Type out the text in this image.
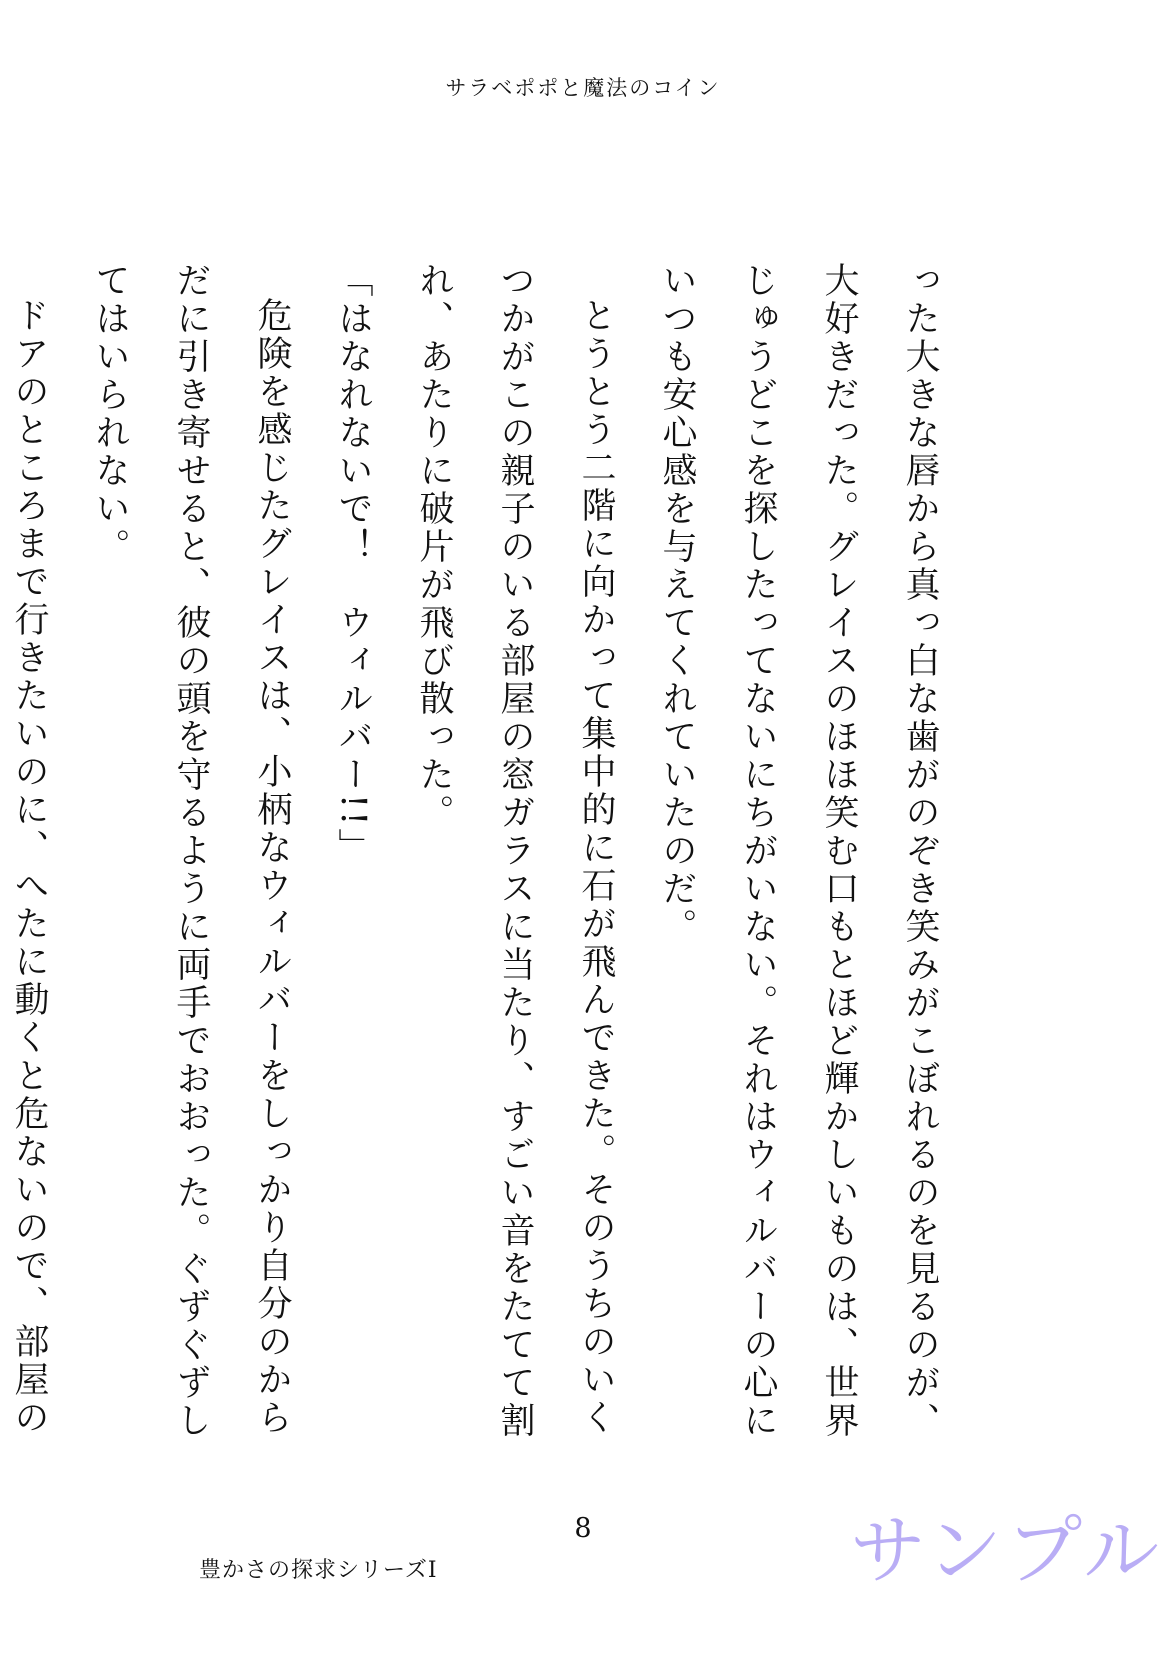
サラベポポと魔法のコイン

った大きな唇から真っ白な歯がのぞき笑みがこぼれるのを見るのが、大好きだった。グレイスのほほ笑む口もとほど輝かしいものは、世界じゅうどこを探したってないにちがいない。それはウィルバーの心にいつも安心感を与えてくれていたのだ。

とうとう二階に向かって集中的に石が飛んできた。そのうちのいくつかがこの親子のいる部屋の窓ガラスに当たり、すごい音をたてて割れ、あたりに破片が飛び散った。

「はなれないで！　ウィルバー!!」

危険を感じたグレイスは、小柄なウィルバーをしっかり自分のからだに引き寄せると、彼の頭を守るように両手でおおった。ぐずぐずしてはいられない。

ドアのところまで行きたいのに、へたに動くと危ないので、部屋の

8
豊かさの探求シリーズⅠ	サンプル
